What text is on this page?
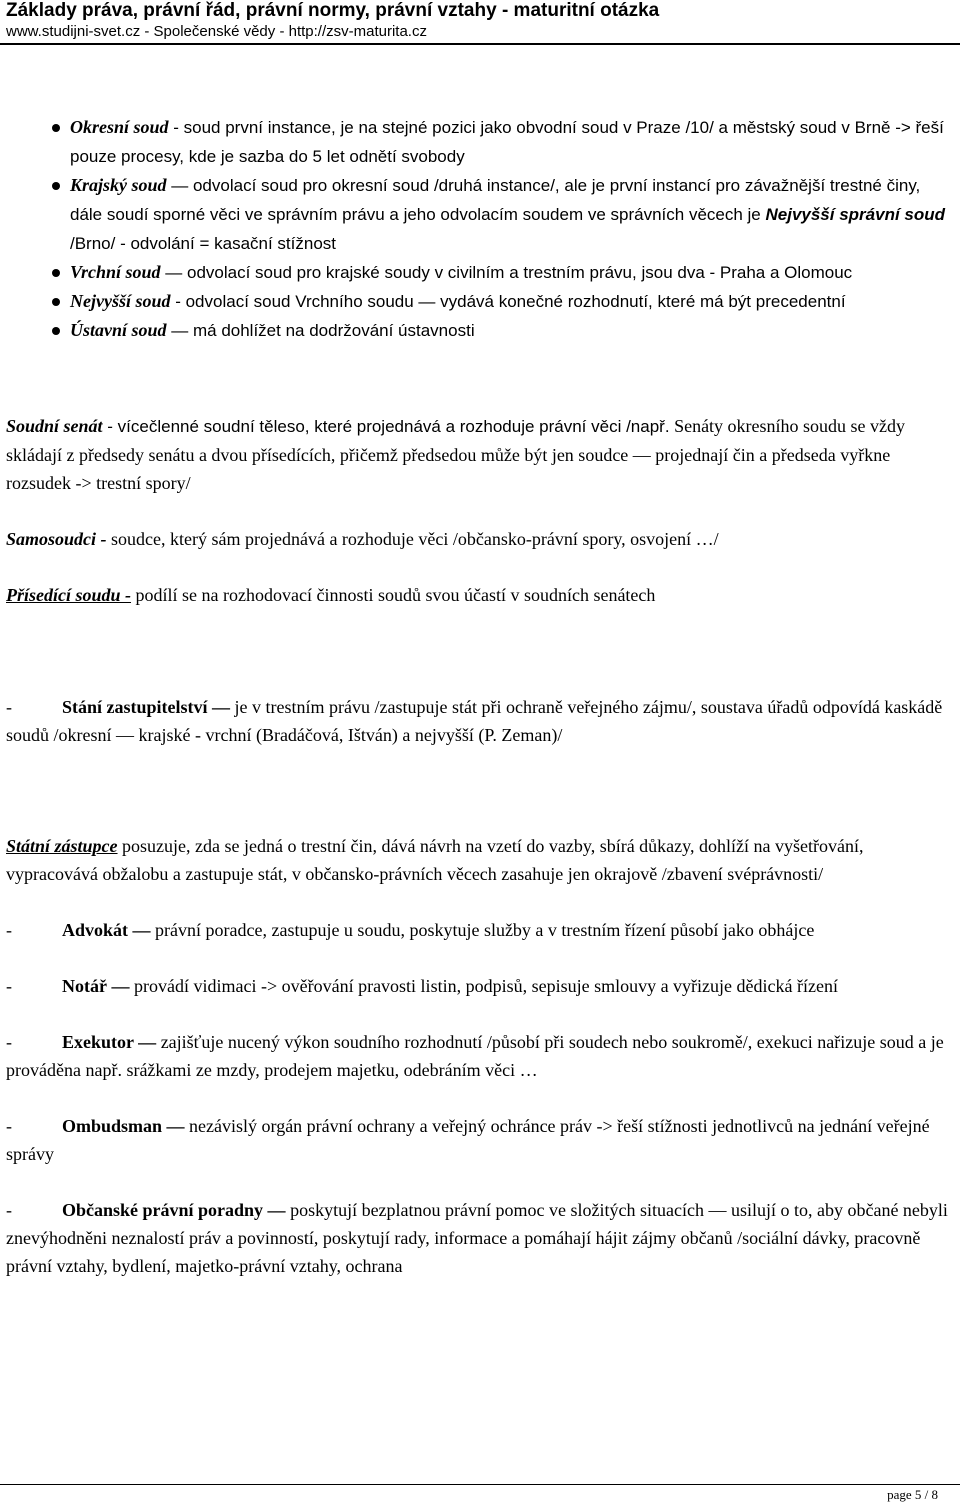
Základy práva, právní řád, právní normy, právní vztahy - maturitní otázka
www.studijni-svet.cz - Společenské vědy - http://zsv-maturita.cz
Okresní soud - soud první instance, je na stejné pozici jako obvodní soud v Praze /10/ a městský soud v Brně -> řeší pouze procesy, kde je sazba do 5 let odnětí svobody
Krajský soud — odvolací soud pro okresní soud /druhá instance/, ale je první instancí pro závažnější trestné činy, dále soudí sporné věci ve správním právu a jeho odvolacím soudem ve správních věcech je Nejvyšší správní soud /Brno/ - odvolání = kasační stížnost
Vrchní soud — odvolací soud pro krajské soudy v civilním a trestním právu, jsou dva - Praha a Olomouc
Nejvyšší soud - odvolací soud Vrchního soudu — vydává konečné rozhodnutí, které má být precedentní
Ústavní soud — má dohlížet na dodržování ústavnosti

Soudní senát - vícečlenné soudní těleso, které projednává a rozhoduje právní věci /např. Senáty okresního soudu se vždy skládají z předsedy senátu a dvou přísedících, přičemž předsedou může být jen soudce — projednají čin a předseda vyřkne rozsudek -> trestní spory/

Samosoudci - soudce, který sám projednává a rozhoduje věci /občansko-právní spory, osvojení …/

Přísedící soudu - podílí se na rozhodovací činnosti soudů svou účastí v soudních senátech

-	Stání zastupitelství — je v trestním právu /zastupuje stát při ochraně veřejného zájmu/, soustava úřadů odpovídá kaskádě soudů /okresní — krajské - vrchní (Bradáčová, Ištván) a nejvyšší (P. Zeman)/

Státní zástupce posuzuje, zda se jedná o trestní čin, dává návrh na vzetí do vazby, sbírá důkazy, dohlíží na vyšetřování, vypracovává obžalobu a zastupuje stát, v občansko-právních věcech zasahuje jen okrajově /zbavení svéprávnosti/

-	Advokát — právní poradce, zastupuje u soudu, poskytuje služby a v trestním řízení působí jako obhájce

-	Notář — provádí vidimaci -> ověřování pravosti listin, podpisů, sepisuje smlouvy a vyřizuje dědická řízení

-	Exekutor — zajišťuje nucený výkon soudního rozhodnutí /působí při soudech nebo soukromě/, exekuci nařizuje soud a je prováděna např. srážkami ze mzdy, prodejem majetku, odebráním věci …

-	Ombudsman — nezávislý orgán právní ochrany a veřejný ochránce práv -> řeší stížnosti jednotlivců na jednání veřejné správy

-	Občanské právní poradny — poskytují bezplatnou právní pomoc ve složitých situacích — usilují o to, aby občané nebyli znevýhodněni neznalostí práv a povinností, poskytují rady, informace a pomáhají hájit zájmy občanů /sociální dávky, pracovně právní vztahy, bydlení, majetko-právní vztahy, ochrana

page 5 / 8
